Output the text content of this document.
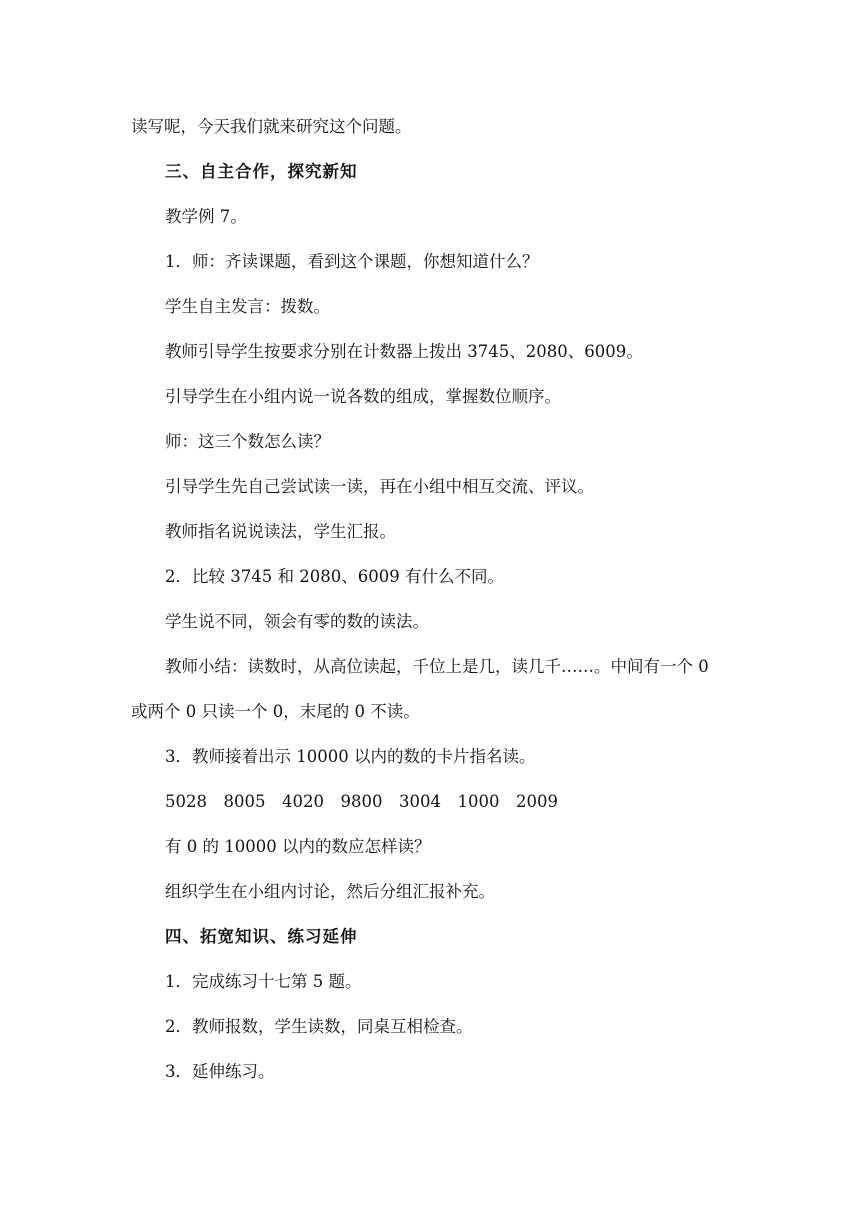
读写呢，今天我们就来研究这个问题。
三、自主合作，探究新知
教学例 7。
1．师：齐读课题，看到这个课题，你想知道什么？
学生自主发言：拨数。
教师引导学生按要求分别在计数器上拨出 3745、2080、6009。
引导学生在小组内说一说各数的组成，掌握数位顺序。
师：这三个数怎么读？
引导学生先自己尝试读一读，再在小组中相互交流、评议。
教师指名说说读法，学生汇报。
2．比较 3745 和 2080、6009 有什么不同。
学生说不同，领会有零的数的读法。
教师小结：读数时，从高位读起，千位上是几，读几千……。中间有一个 0
或两个 0 只读一个 0，末尾的 0 不读。
3．教师接着出示 10000 以内的数的卡片指名读。
5028　8005　4020　9800　3004　1000　2009
有 0 的 10000 以内的数应怎样读？
组织学生在小组内讨论，然后分组汇报补充。
四、拓宽知识、练习延伸
1．完成练习十七第 5 题。
2．教师报数，学生读数，同桌互相检查。
3．延伸练习。
